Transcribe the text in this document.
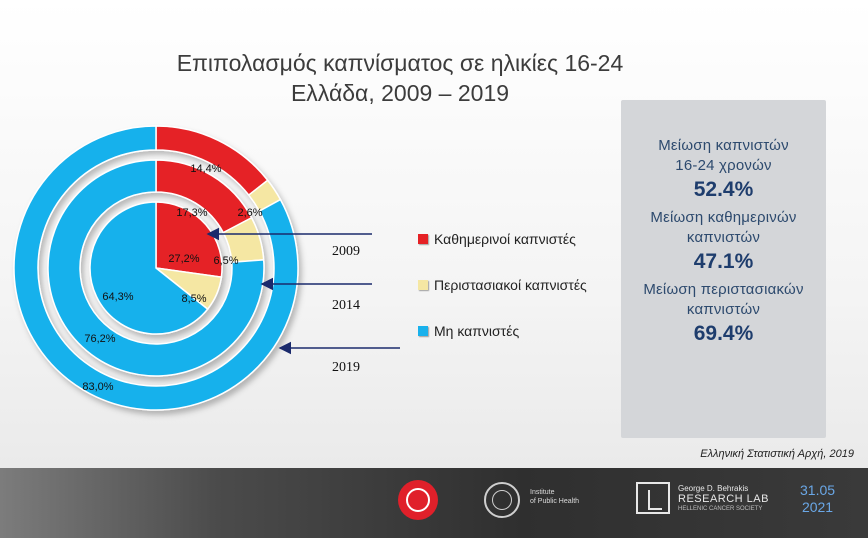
Επιπολασμός καπνίσματος σε ηλικίες 16-24
Ελλάδα, 2009 – 2019
27,2%
8,5%
64,3%
17,3%
6,5%
76,2%
14,4%
2,6%
83,0%
2009
2014
2019
Καθημερινοί καπνιστές
Περιστασιακοί καπνιστές
Μη καπνιστές
Μείωση καπνιστών
16-24 χρονών
52.4%
Μείωση καθημερινών
καπνιστών
47.1%
Μείωση περιστασιακών
καπνιστών
69.4%
Ελληνική Στατιστική Αρχή, 2019
Institute
of Public Health
George D. Behrakis
RESEARCH LAB
HELLENIC CANCER SOCIETY
31.05
2021
